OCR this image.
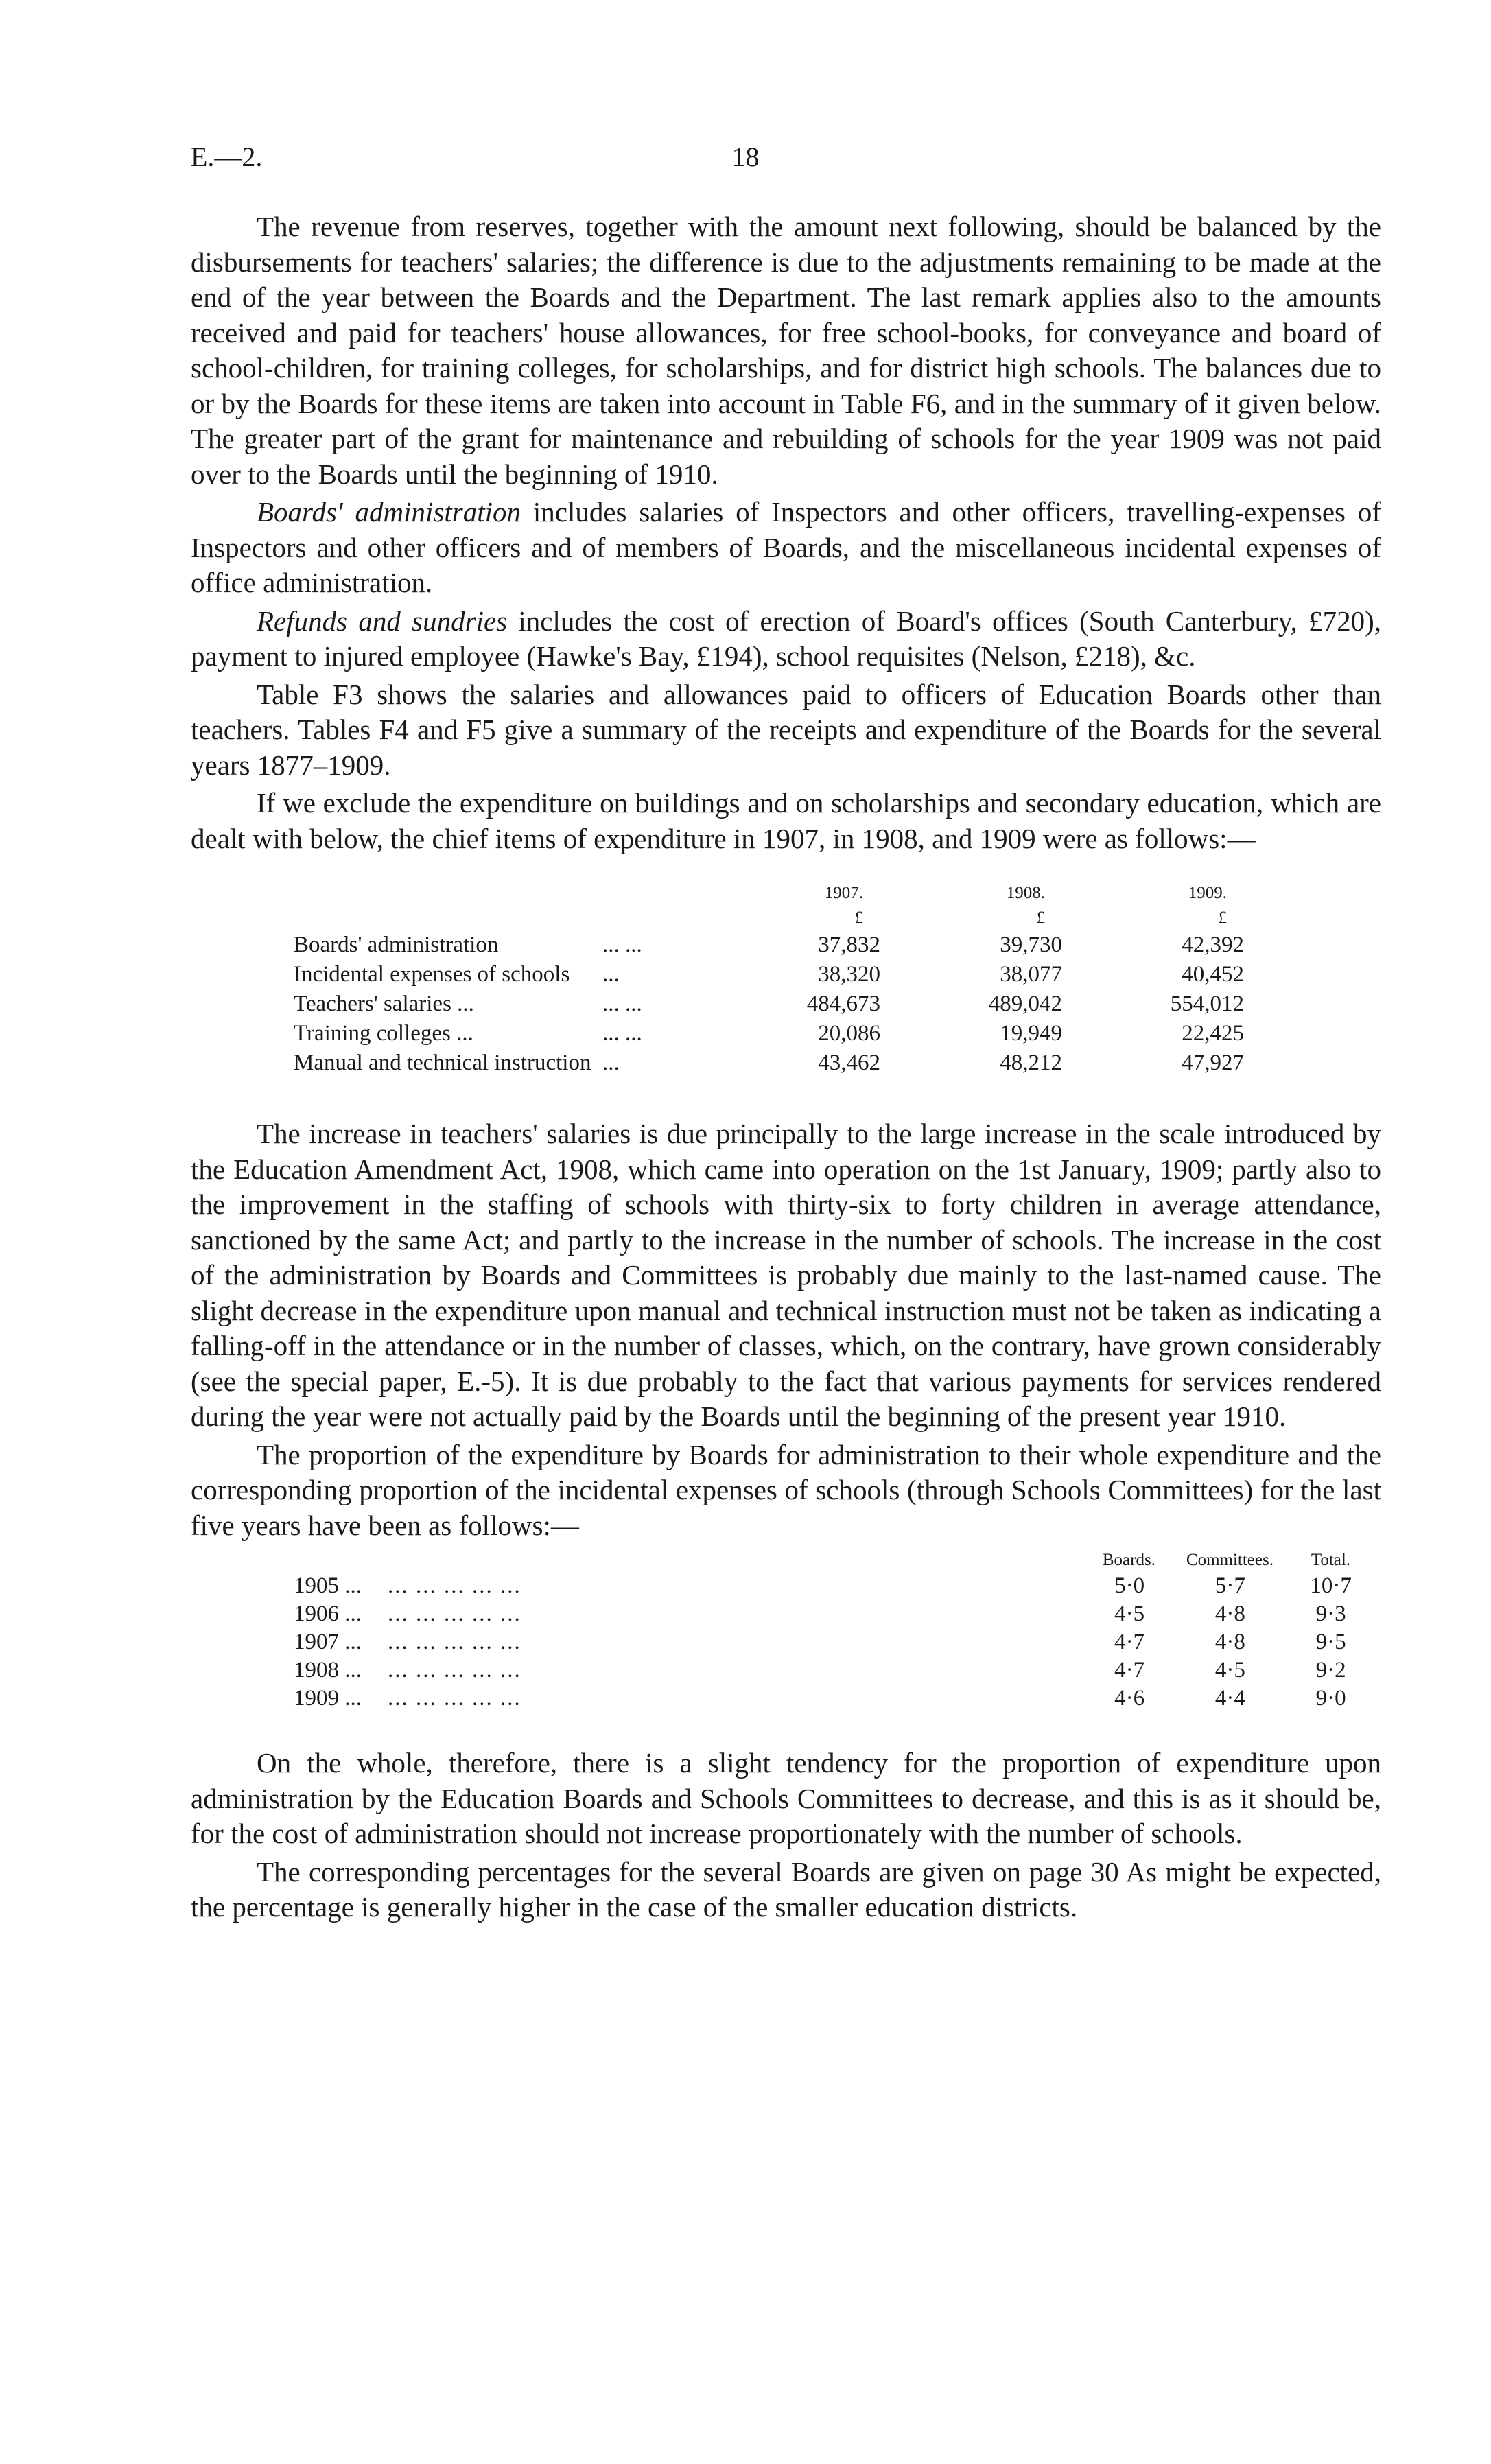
E.—2.	18

The revenue from reserves, together with the amount next following, should be balanced by the disbursements for teachers' salaries; the difference is due to the adjustments remaining to be made at the end of the year between the Boards and the Department. The last remark applies also to the amounts received and paid for teachers' house allowances, for free school-books, for conveyance and board of school-children, for training colleges, for scholarships, and for district high schools. The balances due to or by the Boards for these items are taken into account in Table F6, and in the summary of it given below. The greater part of the grant for maintenance and rebuilding of schools for the year 1909 was not paid over to the Boards until the beginning of 1910.

Boards' administration includes salaries of Inspectors and other officers, travelling-expenses of Inspectors and other officers and of members of Boards, and the miscellaneous incidental expenses of office administration.

Refunds and sundries includes the cost of erection of Board's offices (South Canterbury, £720), payment to injured employee (Hawke's Bay, £194), school requisites (Nelson, £218), &c.

Table F3 shows the salaries and allowances paid to officers of Education Boards other than teachers. Tables F4 and F5 give a summary of the receipts and expenditure of the Boards for the several years 1877–1909.

If we exclude the expenditure on buildings and on scholarships and secondary education, which are dealt with below, the chief items of expenditure in 1907, in 1908, and 1909 were as follows:—

1907.	1908.	1909.
£	£	£
Boards' administration	... ...	37,832	39,730	42,392
Incidental expenses of schools	...	38,320	38,077	40,452
Teachers' salaries ...	... ...	484,673	489,042	554,012
Training colleges ...	... ...	20,086	19,949	22,425
Manual and technical instruction ...	43,462	48,212	47,927

The increase in teachers' salaries is due principally to the large increase in the scale introduced by the Education Amendment Act, 1908, which came into operation on the 1st January, 1909; partly also to the improvement in the staffing of schools with thirty-six to forty children in average attendance, sanctioned by the same Act; and partly to the increase in the number of schools. The increase in the cost of the administration by Boards and Committees is probably due mainly to the last-named cause. The slight decrease in the expenditure upon manual and technical instruction must not be taken as indicating a falling-off in the attendance or in the number of classes, which, on the contrary, have grown considerably (see the special paper, E.-5). It is due probably to the fact that various payments for services rendered during the year were not actually paid by the Boards until the beginning of the present year 1910.

The proportion of the expenditure by Boards for administration to their whole expenditure and the corresponding proportion of the incidental expenses of schools (through Schools Committees) for the last five years have been as follows:—

Boards.	Committees.	Total.
1905 ...	... ... ... ... ...	5·0	5·7	10·7
1906 ...	... ... ... ... ...	4·5	4·8	9·3
1907 ...	... ... ... ... ...	4·7	4·8	9·5
1908 ...	... ... ... ... ...	4·7	4·5	9·2
1909 ...	... ... ... ... ...	4·6	4·4	9·0

On the whole, therefore, there is a slight tendency for the proportion of expenditure upon administration by the Education Boards and Schools Committees to decrease, and this is as it should be, for the cost of administration should not increase proportionately with the number of schools.

The corresponding percentages for the several Boards are given on page 30 As might be expected, the percentage is generally higher in the case of the smaller education districts.
